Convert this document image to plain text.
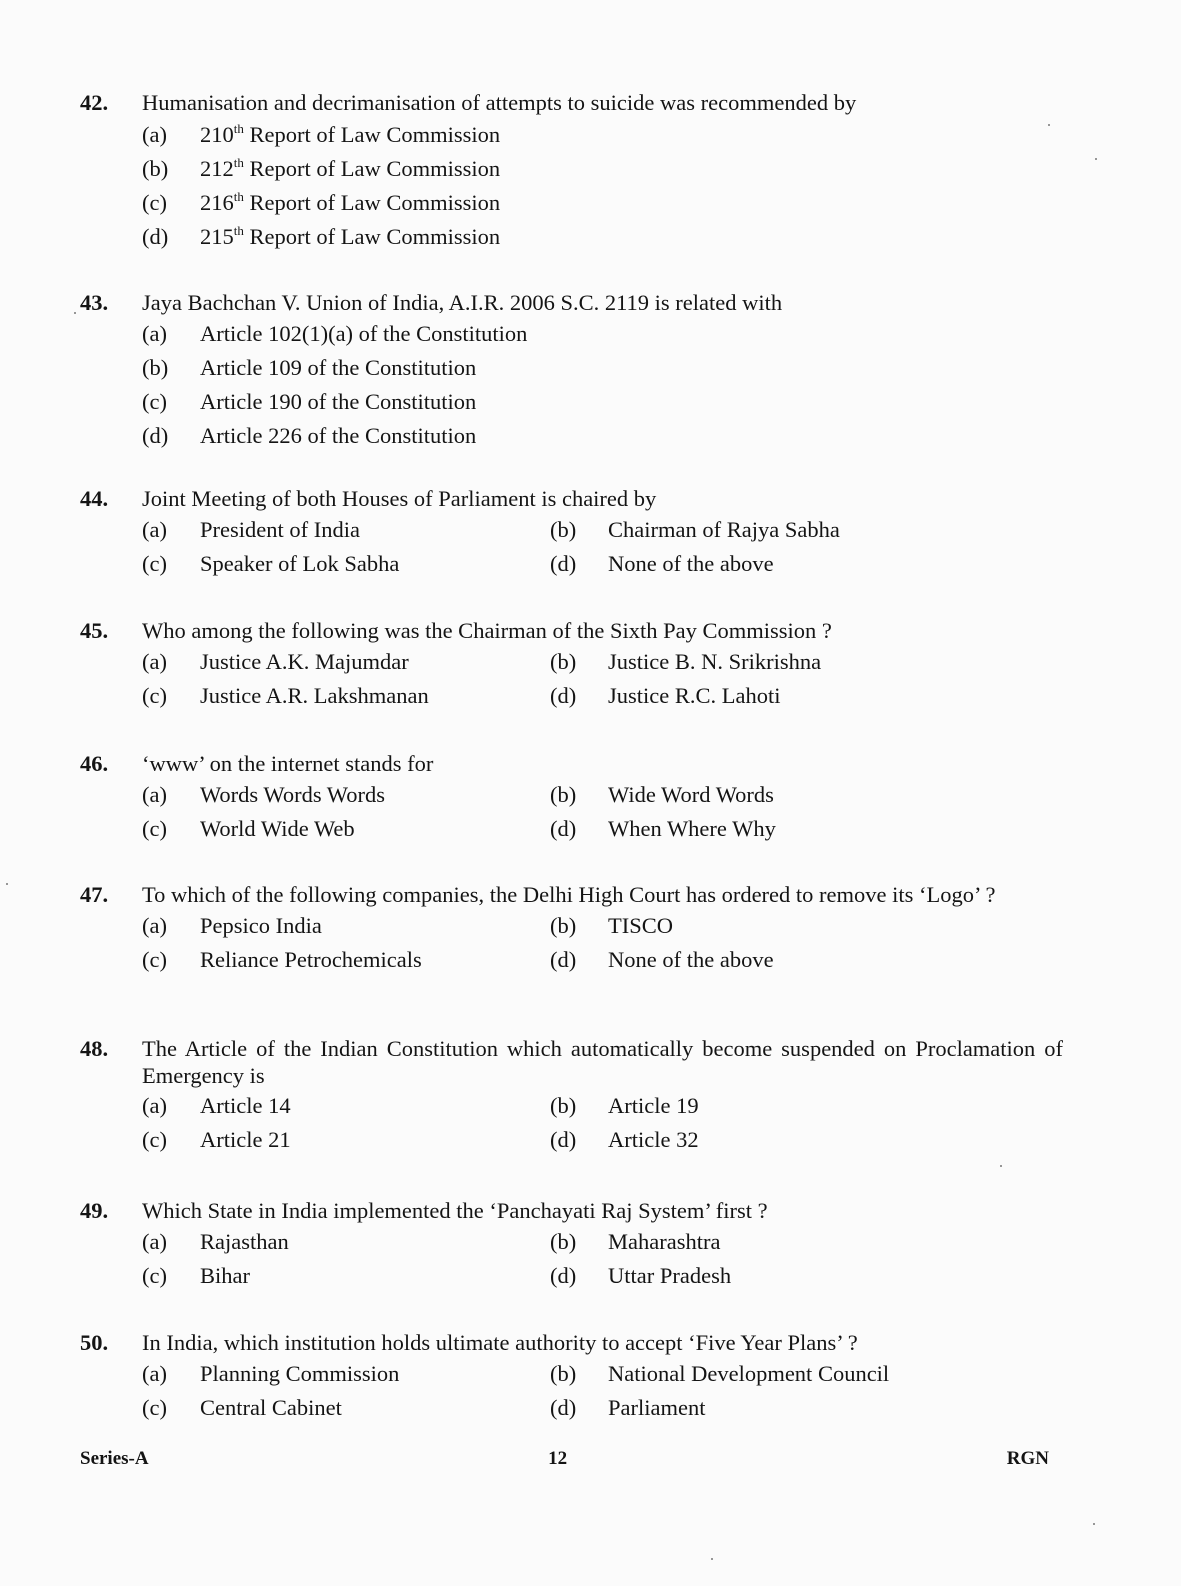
42.	Humanisation and decrimanisation of attempts to suicide was recommended by
(a)	210th Report of Law Commission
(b)	212th Report of Law Commission
(c)	216th Report of Law Commission
(d)	215th Report of Law Commission
43.	Jaya Bachchan V. Union of India, A.I.R. 2006 S.C. 2119 is related with
(a)	Article 102(1)(a) of the Constitution
(b)	Article 109 of the Constitution
(c)	Article 190 of the Constitution
(d)	Article 226 of the Constitution
44.	Joint Meeting of both Houses of Parliament is chaired by
(a)	President of India	(b)	Chairman of Rajya Sabha
(c)	Speaker of Lok Sabha	(d)	None of the above
45.	Who among the following was the Chairman of the Sixth Pay Commission ?
(a)	Justice A.K. Majumdar	(b)	Justice B. N. Srikrishna
(c)	Justice A.R. Lakshmanan	(d)	Justice R.C. Lahoti
46.	‘www’ on the internet stands for
(a)	Words Words Words	(b)	Wide Word Words
(c)	World Wide Web	(d)	When Where Why
47.	To which of the following companies, the Delhi High Court has ordered to remove its ‘Logo’ ?
(a)	Pepsico India	(b)	TISCO
(c)	Reliance Petrochemicals	(d)	None of the above
48.	The Article of the Indian Constitution which automatically become suspended on Proclamation of Emergency is
(a)	Article 14	(b)	Article 19
(c)	Article 21	(d)	Article 32
49.	Which State in India implemented the ‘Panchayati Raj System’ first ?
(a)	Rajasthan	(b)	Maharashtra
(c)	Bihar	(d)	Uttar Pradesh
50.	In India, which institution holds ultimate authority to accept ‘Five Year Plans’ ?
(a)	Planning Commission	(b)	National Development Council
(c)	Central Cabinet	(d)	Parliament
Series-A	12	RGN
